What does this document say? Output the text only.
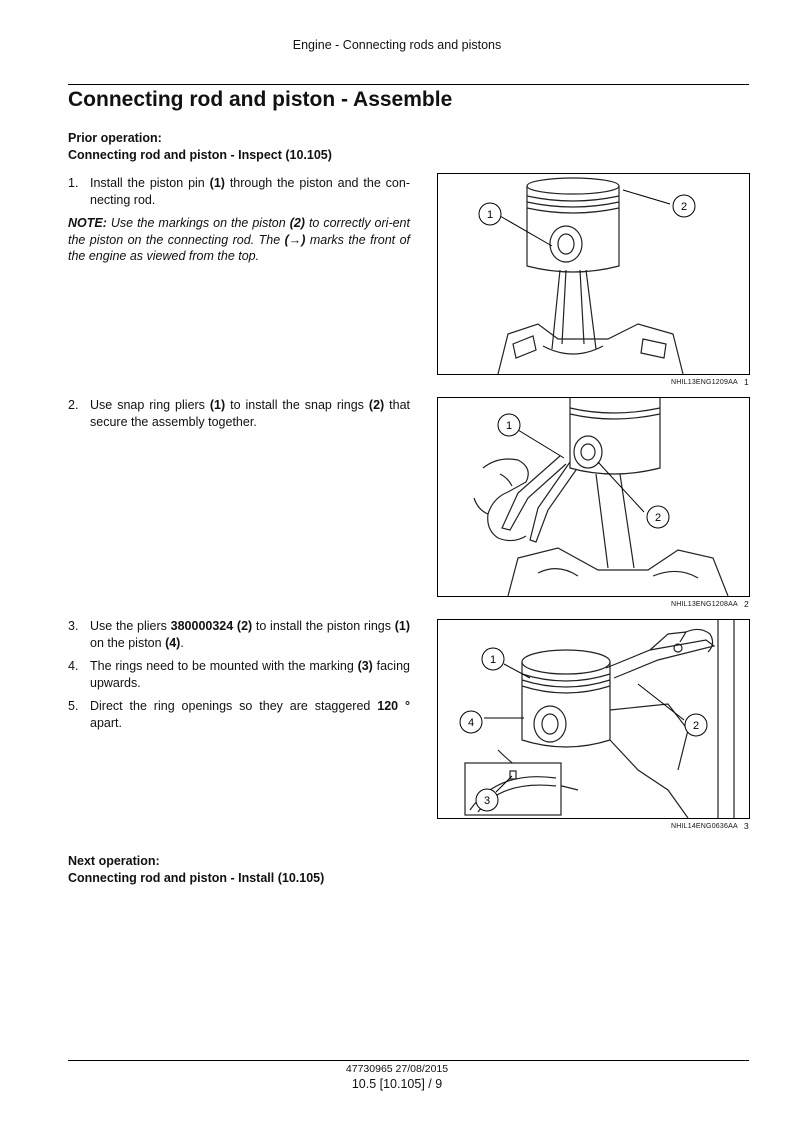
Engine - Connecting rods and pistons
Connecting rod and piston - Assemble
Prior operation:
Connecting rod and piston - Inspect (10.105)

1. Install the piston pin (1) through the piston and the con-necting rod.

NOTE: Use the markings on the piston (2) to correctly ori-ent the piston on the connecting rod. The (→) marks the front of the engine as viewed from the top.

2. Use snap ring pliers (1) to install the snap rings (2) that secure the assembly together.

3. Use the pliers 380000324 (2) to install the piston rings (1) on the piston (4).

4. The rings need to be mounted with the marking (3) facing upwards.

5. Direct the ring openings so they are staggered 120 ° apart.

1
2
NHIL13ENG1209AA 1
1
2
NHIL13ENG1208AA 2
1
2
3
4
NHIL14ENG0636AA 3
Next operation:
Connecting rod and piston - Install (10.105)
47730965 27/08/2015
10.5 [10.105] / 9
